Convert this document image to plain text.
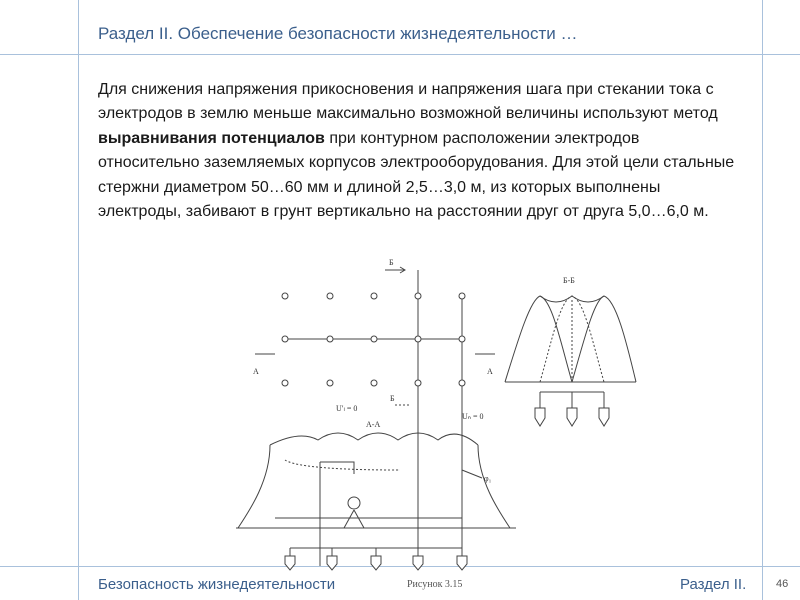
Раздел II. Обеспечение безопасности жизнедеятельности …

Для снижения напряжения прикосновения и напряжения шага при стекании тока с электродов в землю меньше максимально возможной величины используют метод выравнивания потенциалов при контурном расположении электродов относительно заземляемых корпусов электрооборудования. Для этой цели стальные стержни диаметром 50…60 мм и длиной 2,5…3,0 м, из которых выполнены электроды, забивают в грунт вертикально на расстоянии друг от друга 5,0…6,0 м.

Б-Б
Б
Б
А	А
А-А
U′ₗ = 0
Uₙ = 0
φ₁
Рисунок 3.15
Безопасность жизнедеятельности	Раздел II.	46
